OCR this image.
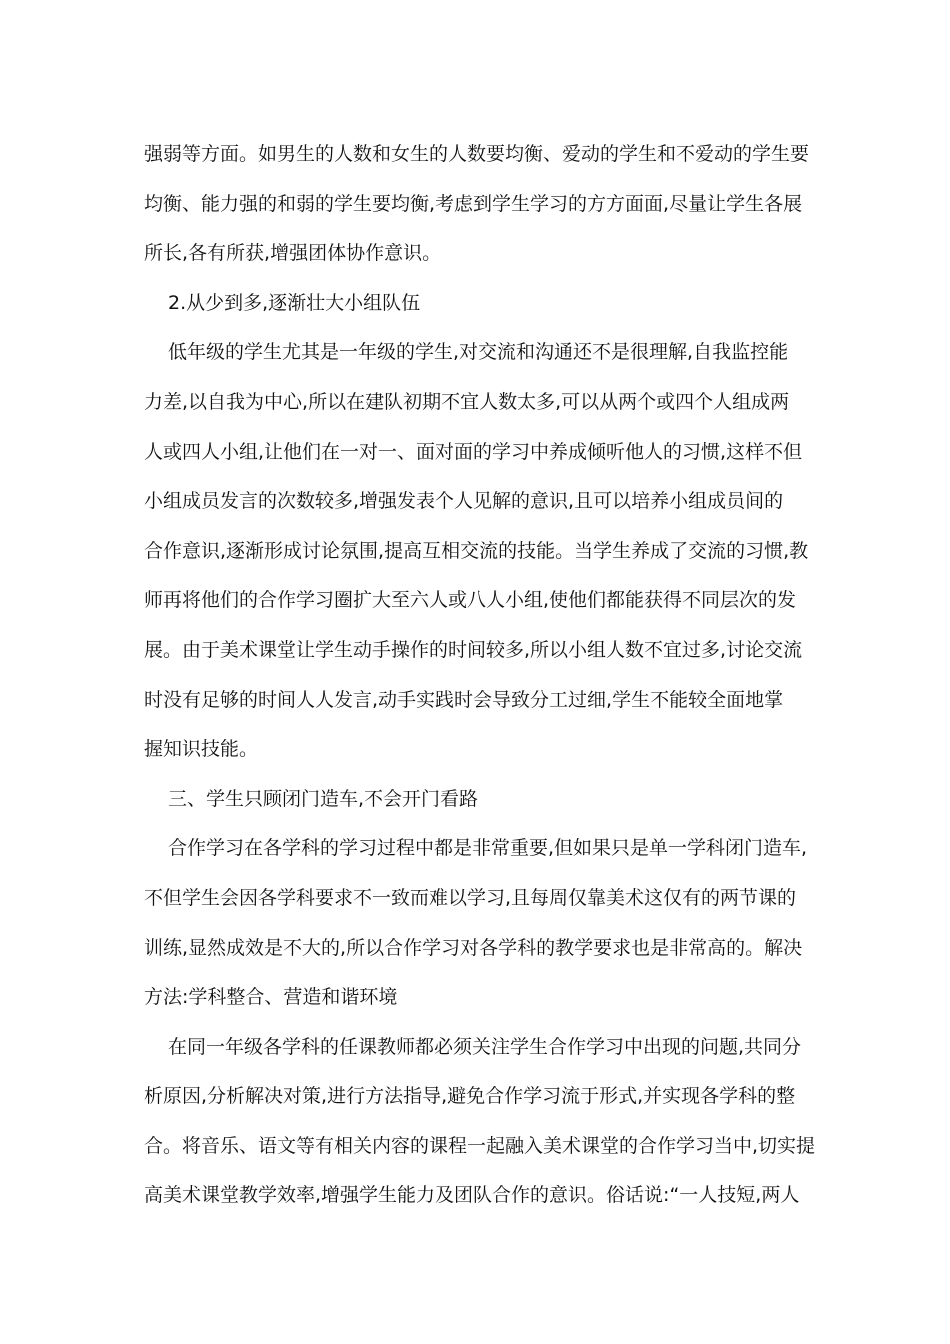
强弱等方面。如男生的人数和女生的人数要均衡、爱动的学生和不爱动的学生要
均衡、能力强的和弱的学生要均衡,考虑到学生学习的方方面面,尽量让学生各展
所长,各有所获,增强团体协作意识。
2.从少到多,逐渐壮大小组队伍
低年级的学生尤其是一年级的学生,对交流和沟通还不是很理解,自我监控能
力差,以自我为中心,所以在建队初期不宜人数太多,可以从两个或四个人组成两
人或四人小组,让他们在一对一、面对面的学习中养成倾听他人的习惯,这样不但
小组成员发言的次数较多,增强发表个人见解的意识,且可以培养小组成员间的
合作意识,逐渐形成讨论氛围,提高互相交流的技能。当学生养成了交流的习惯,教
师再将他们的合作学习圈扩大至六人或八人小组,使他们都能获得不同层次的发
展。由于美术课堂让学生动手操作的时间较多,所以小组人数不宜过多,讨论交流
时没有足够的时间人人发言,动手实践时会导致分工过细,学生不能较全面地掌
握知识技能。
三、学生只顾闭门造车,不会开门看路
合作学习在各学科的学习过程中都是非常重要,但如果只是单一学科闭门造车,
不但学生会因各学科要求不一致而难以学习,且每周仅靠美术这仅有的两节课的
训练,显然成效是不大的,所以合作学习对各学科的教学要求也是非常高的。解决
方法:学科整合、营造和谐环境
在同一年级各学科的任课教师都必须关注学生合作学习中出现的问题,共同分
析原因,分析解决对策,进行方法指导,避免合作学习流于形式,并实现各学科的整
合。将音乐、语文等有相关内容的课程一起融入美术课堂的合作学习当中,切实提
高美术课堂教学效率,增强学生能力及团队合作的意识。俗话说:“一人技短,两人
